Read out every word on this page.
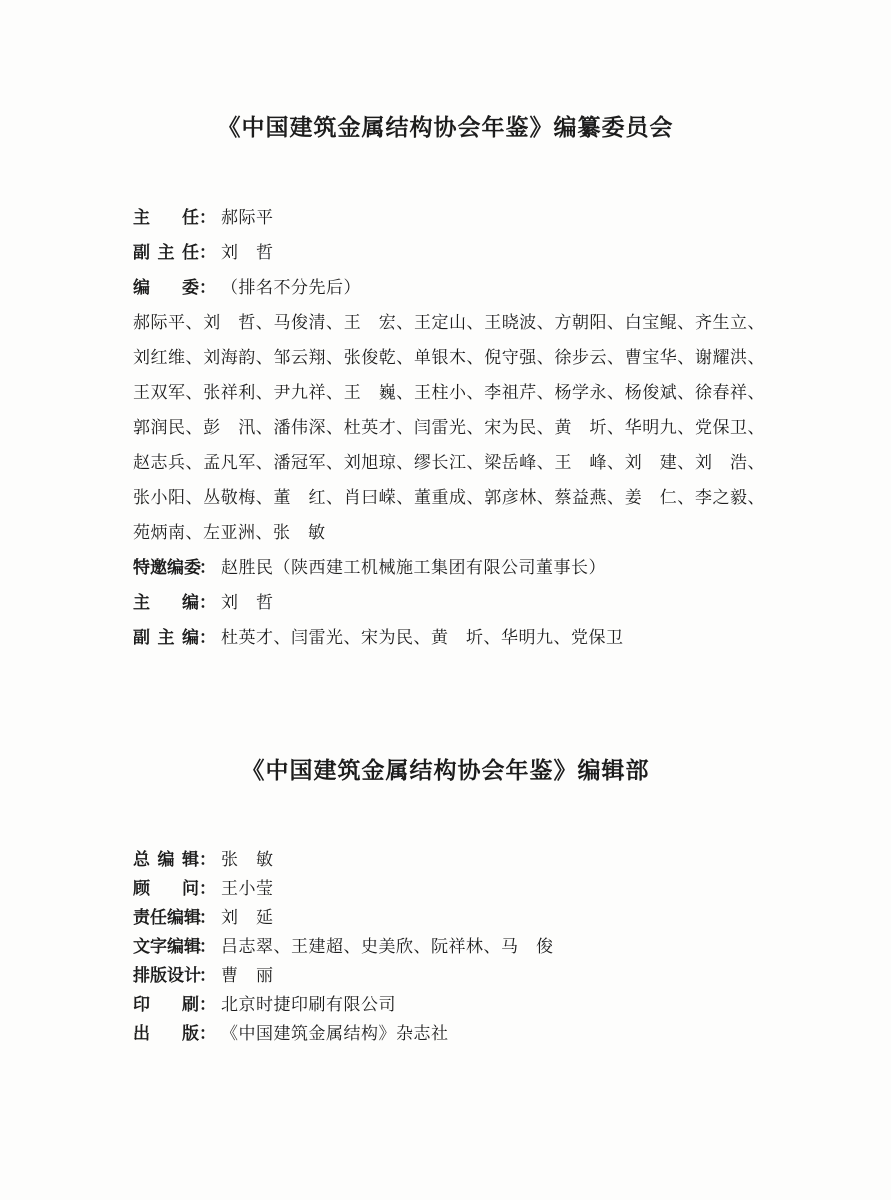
《中国建筑金属结构协会年鉴》编纂委员会
主任 ： 郝际平
副主任 ： 刘　哲
编委 ： （排名不分先后）
郝际平、 刘　哲、 马俊清、 王　宏、 王定山、 王晓波、 方朝阳、 白宝鲲、 齐生立、
刘红维、 刘海韵、 邹云翔、 张俊乾、 单银木、 倪守强、 徐步云、 曹宝华、 谢耀洪、
王双军、 张祥利、 尹九祥、 王　巍、 王柱小、 李祖芹、 杨学永、 杨俊斌、 徐春祥、
郭润民、 彭　汛、 潘伟深、 杜英才、 闫雷光、 宋为民、 黄　圻、 华明九、 党保卫、
赵志兵、 孟凡军、 潘冠军、 刘旭琼、 缪长江、 梁岳峰、 王　峰、 刘　建、 刘　浩、
张小阳、 丛敬梅、 董　红、 肖曰嵘、 董重成、 郭彦林、 蔡益燕、 姜　仁、 李之毅、
苑炳南、 左亚洲、 张　敏
特邀编委
： 赵胜民（陕西建工机械施工集团有限公司董事长）
主编 ： 刘　哲
副主编 ： 杜英才、闫雷光、宋为民、黄　圻、华明九、党保卫
《中国建筑金属结构协会年鉴》编辑部
总编辑 ： 张　敏
顾问 ： 王小莹
责任编辑
： 刘　延
文字编辑
： 吕志翠、王建超、史美欣、阮祥林、马　俊
排版设计
： 曹　丽
印刷 ： 北京时捷印刷有限公司
出版 ： 《中国建筑金属结构》杂志社
